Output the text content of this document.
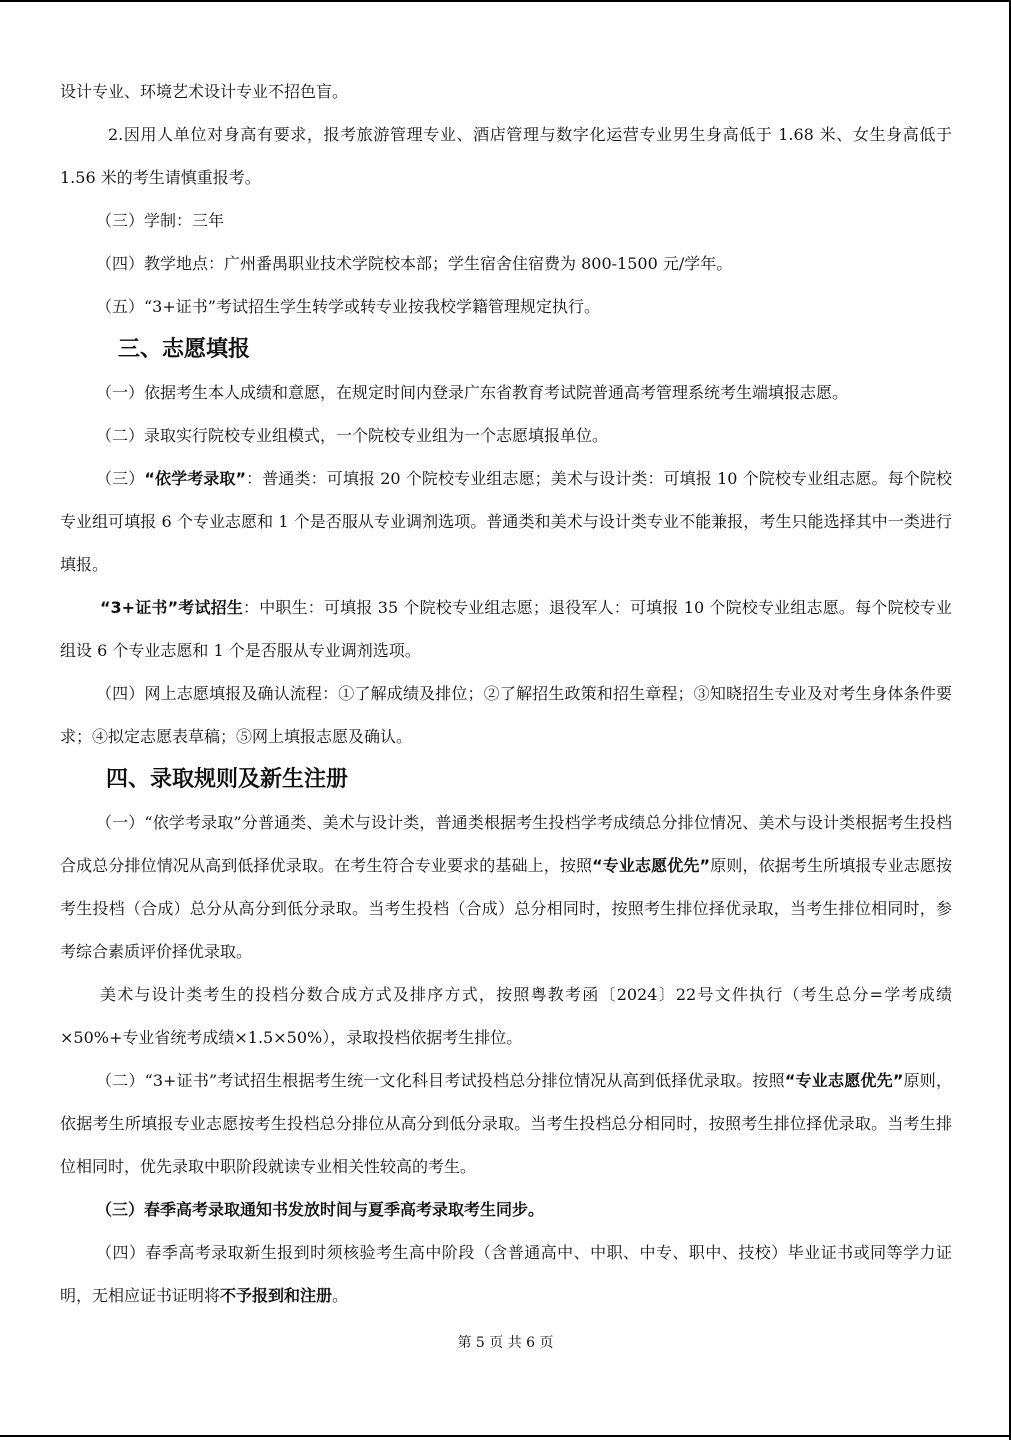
设计专业、环境艺术设计专业不招色盲。

2.因用人单位对身高有要求，报考旅游管理专业、酒店管理与数字化运营专业男生身高低于 1.68 米、女生身高低于 1.56 米的考生请慎重报考。

（三）学制：三年

（四）教学地点：广州番禺职业技术学院校本部；学生宿舍住宿费为 800-1500 元/学年。

（五）“3+证书”考试招生学生转学或转专业按我校学籍管理规定执行。

三、志愿填报

（一）依据考生本人成绩和意愿，在规定时间内登录广东省教育考试院普通高考管理系统考生端填报志愿。

（二）录取实行院校专业组模式，一个院校专业组为一个志愿填报单位。

（三）“依学考录取”：普通类：可填报 20 个院校专业组志愿；美术与设计类：可填报 10 个院校专业组志愿。每个院校专业组可填报 6 个专业志愿和 1 个是否服从专业调剂选项。普通类和美术与设计类专业不能兼报，考生只能选择其中一类进行填报。

“3+证书”考试招生：中职生：可填报 35 个院校专业组志愿；退役军人：可填报 10 个院校专业组志愿。每个院校专业组设 6 个专业志愿和 1 个是否服从专业调剂选项。

（四）网上志愿填报及确认流程：①了解成绩及排位；②了解招生政策和招生章程；③知晓招生专业及对考生身体条件要求；④拟定志愿表草稿；⑤网上填报志愿及确认。

四、录取规则及新生注册

（一）“依学考录取”分普通类、美术与设计类，普通类根据考生投档学考成绩总分排位情况、美术与设计类根据考生投档合成总分排位情况从高到低择优录取。在考生符合专业要求的基础上，按照“专业志愿优先”原则，依据考生所填报专业志愿按考生投档（合成）总分从高分到低分录取。当考生投档（合成）总分相同时，按照考生排位择优录取，当考生排位相同时，参考综合素质评价择优录取。

美术与设计类考生的投档分数合成方式及排序方式，按照粤教考函〔2024〕22号文件执行（考生总分=学考成绩×50%+专业省统考成绩×1.5×50%），录取投档依据考生排位。

（二）“3+证书”考试招生根据考生统一文化科目考试投档总分排位情况从高到低择优录取。按照“专业志愿优先”原则，依据考生所填报专业志愿按考生投档总分排位从高分到低分录取。当考生投档总分相同时，按照考生排位择优录取。当考生排位相同时，优先录取中职阶段就读专业相关性较高的考生。

（三）春季高考录取通知书发放时间与夏季高考录取考生同步。

（四）春季高考录取新生报到时须核验考生高中阶段（含普通高中、中职、中专、职中、技校）毕业证书或同等学力证明，无相应证书证明将不予报到和注册。

第 5 页 共 6 页
